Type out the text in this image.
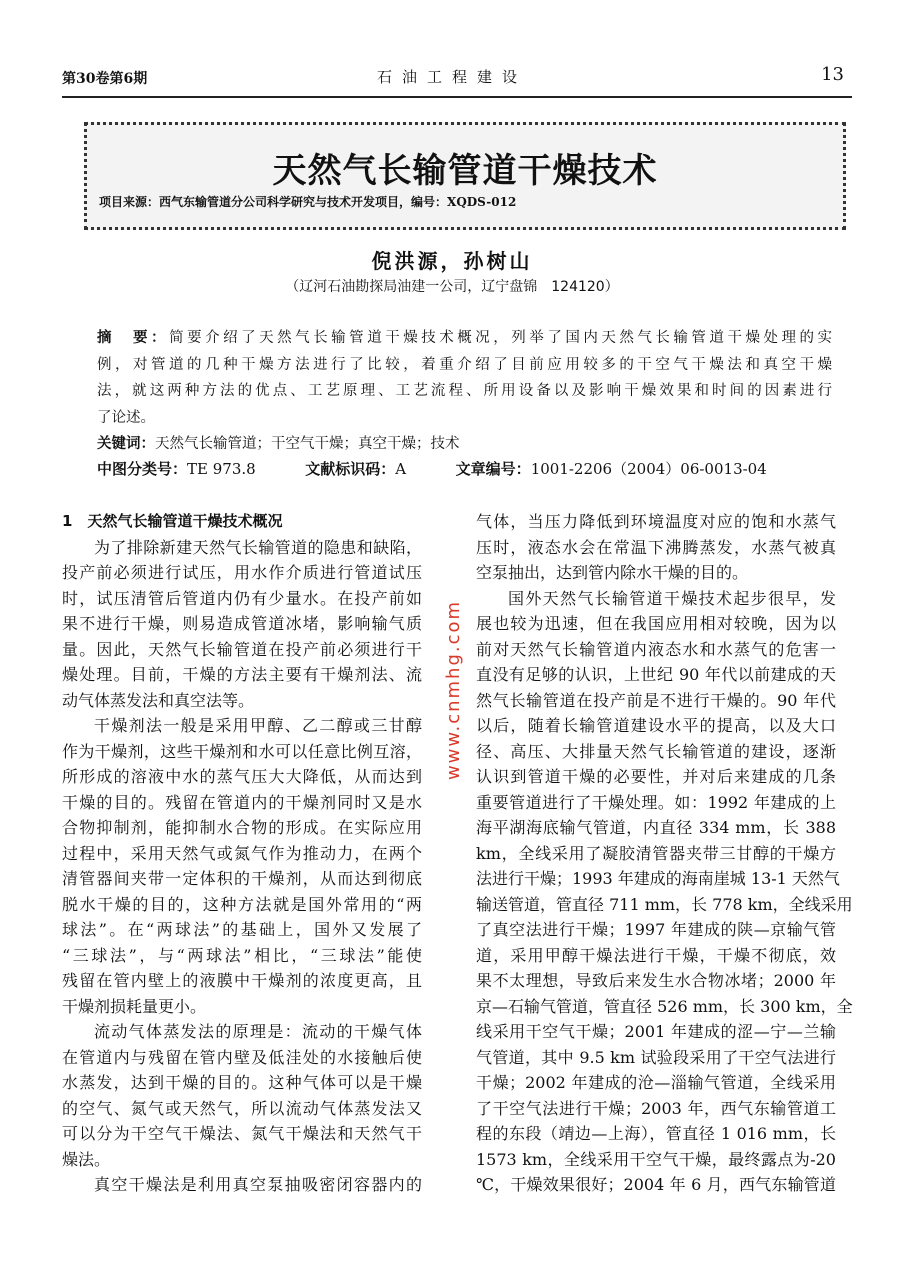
第30卷第6期	石油工程建设	13
天然气长输管道干燥技术
项目来源：西气东输管道分公司科学研究与技术开发项目，编号：XQDS-012
倪洪源，孙树山
（辽河石油勘探局油建一公司，辽宁盘锦　124120）
摘　要：简要介绍了天然气长输管道干燥技术概况，列举了国内天然气长输管道干燥处理的实
例，对管道的几种干燥方法进行了比较，着重介绍了目前应用较多的干空气干燥法和真空干燥
法，就这两种方法的优点、工艺原理、工艺流程、所用设备以及影响干燥效果和时间的因素进行
了论述。
关键词：天然气长输管道；干空气干燥；真空干燥；技术
中图分类号：TE 973.8	文献标识码：A	文章编号：1001-2206（2004）06-0013-04
1　天然气长输管道干燥技术概况
为了排除新建天然气长输管道的隐患和缺陷，
投产前必须进行试压，用水作介质进行管道试压
时，试压清管后管道内仍有少量水。在投产前如
果不进行干燥，则易造成管道冰堵，影响输气质
量。因此，天然气长输管道在投产前必须进行干
燥处理。目前，干燥的方法主要有干燥剂法、流
动气体蒸发法和真空法等。
干燥剂法一般是采用甲醇、乙二醇或三甘醇
作为干燥剂，这些干燥剂和水可以任意比例互溶，
所形成的溶液中水的蒸气压大大降低，从而达到
干燥的目的。残留在管道内的干燥剂同时又是水
合物抑制剂，能抑制水合物的形成。在实际应用
过程中，采用天然气或氮气作为推动力，在两个
清管器间夹带一定体积的干燥剂，从而达到彻底
脱水干燥的目的，这种方法就是国外常用的“两
球法”。在“两球法”的基础上，国外又发展了
“三球法”，与“两球法”相比，“三球法”能使
残留在管内壁上的液膜中干燥剂的浓度更高，且
干燥剂损耗量更小。
流动气体蒸发法的原理是：流动的干燥气体
在管道内与残留在管内壁及低洼处的水接触后使
水蒸发，达到干燥的目的。这种气体可以是干燥
的空气、氮气或天然气，所以流动气体蒸发法又
可以分为干空气干燥法、氮气干燥法和天然气干
燥法。
真空干燥法是利用真空泵抽吸密闭容器内的
气体，当压力降低到环境温度对应的饱和水蒸气
压时，液态水会在常温下沸腾蒸发，水蒸气被真
空泵抽出，达到管内除水干燥的目的。
国外天然气长输管道干燥技术起步很早，发
展也较为迅速，但在我国应用相对较晚，因为以
前对天然气长输管道内液态水和水蒸气的危害一
直没有足够的认识，上世纪 90 年代以前建成的天
然气长输管道在投产前是不进行干燥的。90 年代
以后，随着长输管道建设水平的提高，以及大口
径、高压、大排量天然气长输管道的建设，逐渐
认识到管道干燥的必要性，并对后来建成的几条
重要管道进行了干燥处理。如：1992 年建成的上
海平湖海底输气管道，内直径 334 mm，长 388
km，全线采用了凝胶清管器夹带三甘醇的干燥方
法进行干燥；1993 年建成的海南崖城 13-1 天然气
输送管道，管直径 711 mm，长 778 km，全线采用
了真空法进行干燥；1997 年建成的陕—京输气管
道，采用甲醇干燥法进行干燥，干燥不彻底，效
果不太理想，导致后来发生水合物冰堵；2000 年
京—石输气管道，管直径 526 mm，长 300 km，全
线采用干空气干燥；2001 年建成的涩—宁—兰输
气管道，其中 9.5 km 试验段采用了干空气法进行
干燥；2002 年建成的沧—淄输气管道，全线采用
了干空气法进行干燥；2003 年，西气东输管道工
程的东段（靖边—上海），管直径 1 016 mm，长
1573 km，全线采用干空气干燥，最终露点为-20
℃，干燥效果很好；2004 年 6 月，西气东输管道
www.cnmhg.com
